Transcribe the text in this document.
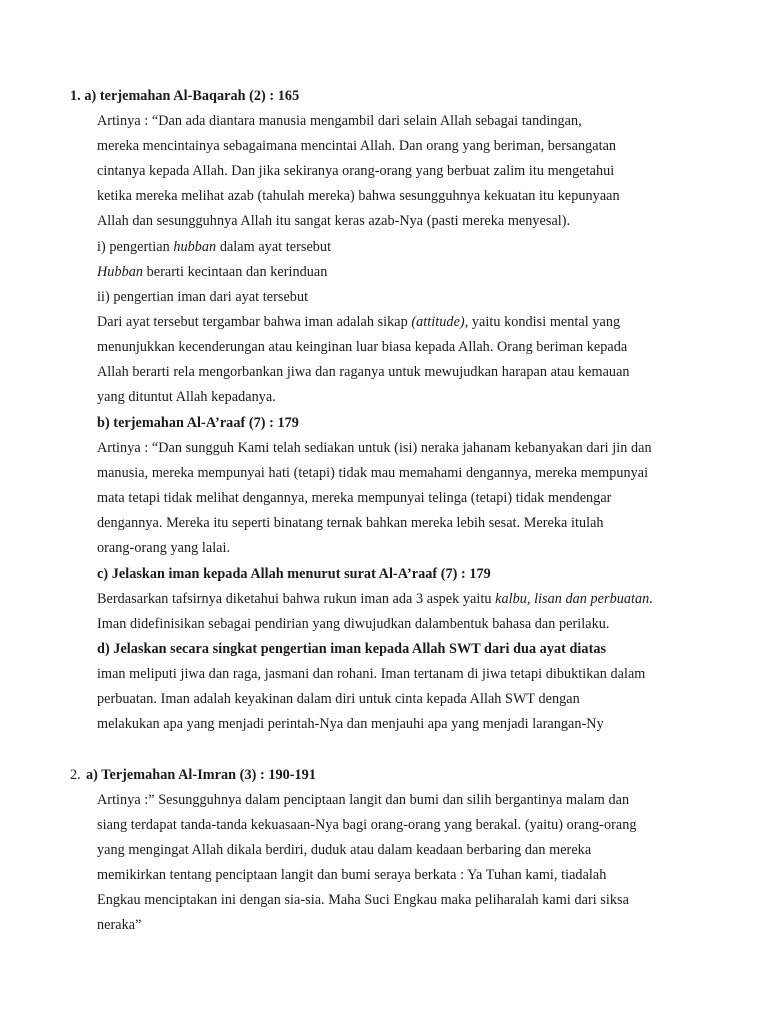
1. a) terjemahan Al-Baqarah (2) : 165
Artinya : “Dan ada diantara manusia mengambil dari selain Allah sebagai tandingan,
mereka mencintainya sebagaimana mencintai Allah. Dan orang yang beriman, bersangatan
cintanya kepada Allah. Dan jika sekiranya orang-orang yang berbuat zalim itu mengetahui
ketika mereka melihat azab (tahulah mereka) bahwa sesungguhnya kekuatan itu kepunyaan
Allah dan sesungguhnya Allah itu sangat keras azab-Nya (pasti mereka menyesal).
i) pengertian hubban dalam ayat tersebut
Hubban berarti kecintaan dan kerinduan
ii) pengertian iman dari ayat tersebut
Dari ayat tersebut tergambar bahwa iman adalah sikap (attitude), yaitu kondisi mental yang
menunjukkan kecenderungan atau keinginan luar biasa kepada Allah. Orang beriman kepada
Allah berarti rela mengorbankan jiwa dan raganya untuk mewujudkan harapan atau kemauan
yang dituntut Allah kepadanya.
b) terjemahan Al-A’raaf (7) : 179
Artinya : “Dan sungguh Kami telah sediakan untuk (isi) neraka jahanam kebanyakan dari jin dan
manusia, mereka mempunyai hati (tetapi) tidak mau memahami dengannya, mereka mempunyai
mata tetapi tidak melihat dengannya, mereka mempunyai telinga (tetapi) tidak mendengar
dengannya. Mereka itu seperti binatang ternak bahkan mereka lebih sesat. Mereka itulah
orang-orang yang lalai.
c) Jelaskan iman kepada Allah menurut surat Al-A’raaf (7) : 179
Berdasarkan tafsirnya diketahui bahwa rukun iman ada 3 aspek yaitu kalbu, lisan dan perbuatan.
Iman didefinisikan sebagai pendirian yang diwujudkan dalambentuk bahasa dan perilaku.
d) Jelaskan secara singkat pengertian iman kepada Allah SWT dari dua ayat diatas
iman meliputi jiwa dan raga, jasmani dan rohani. Iman tertanam di jiwa tetapi dibuktikan dalam
perbuatan. Iman adalah keyakinan dalam diri untuk cinta kepada Allah SWT dengan
melakukan apa yang menjadi perintah-Nya dan menjauhi apa yang menjadi larangan-Ny
2. a) Terjemahan Al-Imran (3) : 190-191
Artinya :” Sesungguhnya dalam penciptaan langit dan bumi dan silih bergantinya malam dan
siang terdapat tanda-tanda kekuasaan-Nya bagi orang-orang yang berakal. (yaitu) orang-orang
yang mengingat Allah dikala berdiri, duduk atau dalam keadaan berbaring dan mereka
memikirkan tentang penciptaan langit dan bumi seraya berkata : Ya Tuhan kami, tiadalah
Engkau menciptakan ini dengan sia-sia. Maha Suci Engkau maka peliharalah kami dari siksa
neraka”
